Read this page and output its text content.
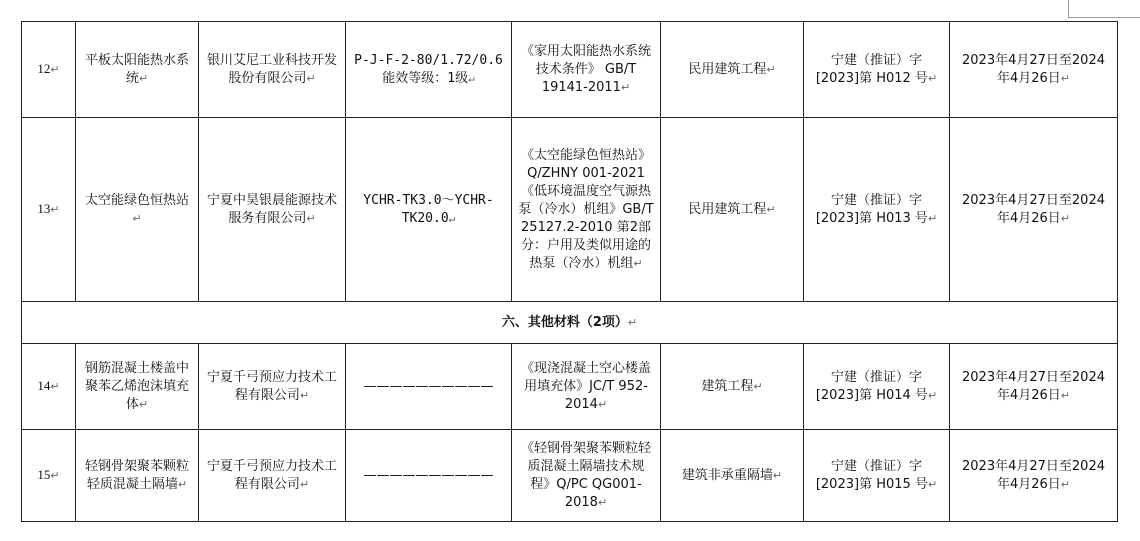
12↵	平板太阳能热水系统↵	银川艾尼工业科技开发股份有限公司↵	P-J-F-2-80/1.72/0.6 能效等级：1级↵	《家用太阳能热水系统技术条件》 GB/T 19141-2011↵	民用建筑工程↵	宁建（推证）字[2023]第 H012 号↵	2023年4月27日至2024年4月26日↵
13↵	太空能绿色恒热站↵	宁夏中昊银晨能源技术服务有限公司↵	YCHR-TK3.0～YCHR-TK20.0↵	《太空能绿色恒热站》Q/ZHNY 001-2021《低环境温度空气源热泵（冷水）机组》GB/T 25127.2-2010 第2部分：户用及类似用途的热泵（冷水）机组↵	民用建筑工程↵	宁建（推证）字[2023]第 H013 号↵	2023年4月27日至2024年4月26日↵
六、其他材料（2项）↵							
14↵	钢筋混凝土楼盖中聚苯乙烯泡沫填充体↵	宁夏千弓预应力技术工程有限公司↵	——————————	《现浇混凝土空心楼盖用填充体》JC/T 952-2014↵	建筑工程↵	宁建（推证）字[2023]第 H014 号↵	2023年4月27日至2024年4月26日↵
15↵	轻钢骨架聚苯颗粒轻质混凝土隔墙↵	宁夏千弓预应力技术工程有限公司↵	——————————	《轻钢骨架聚苯颗粒轻质混凝土隔墙技术规程》Q/PC QG001-2018↵	建筑非承重隔墙↵	宁建（推证）字[2023]第 H015 号↵	2023年4月27日至2024年4月26日↵
